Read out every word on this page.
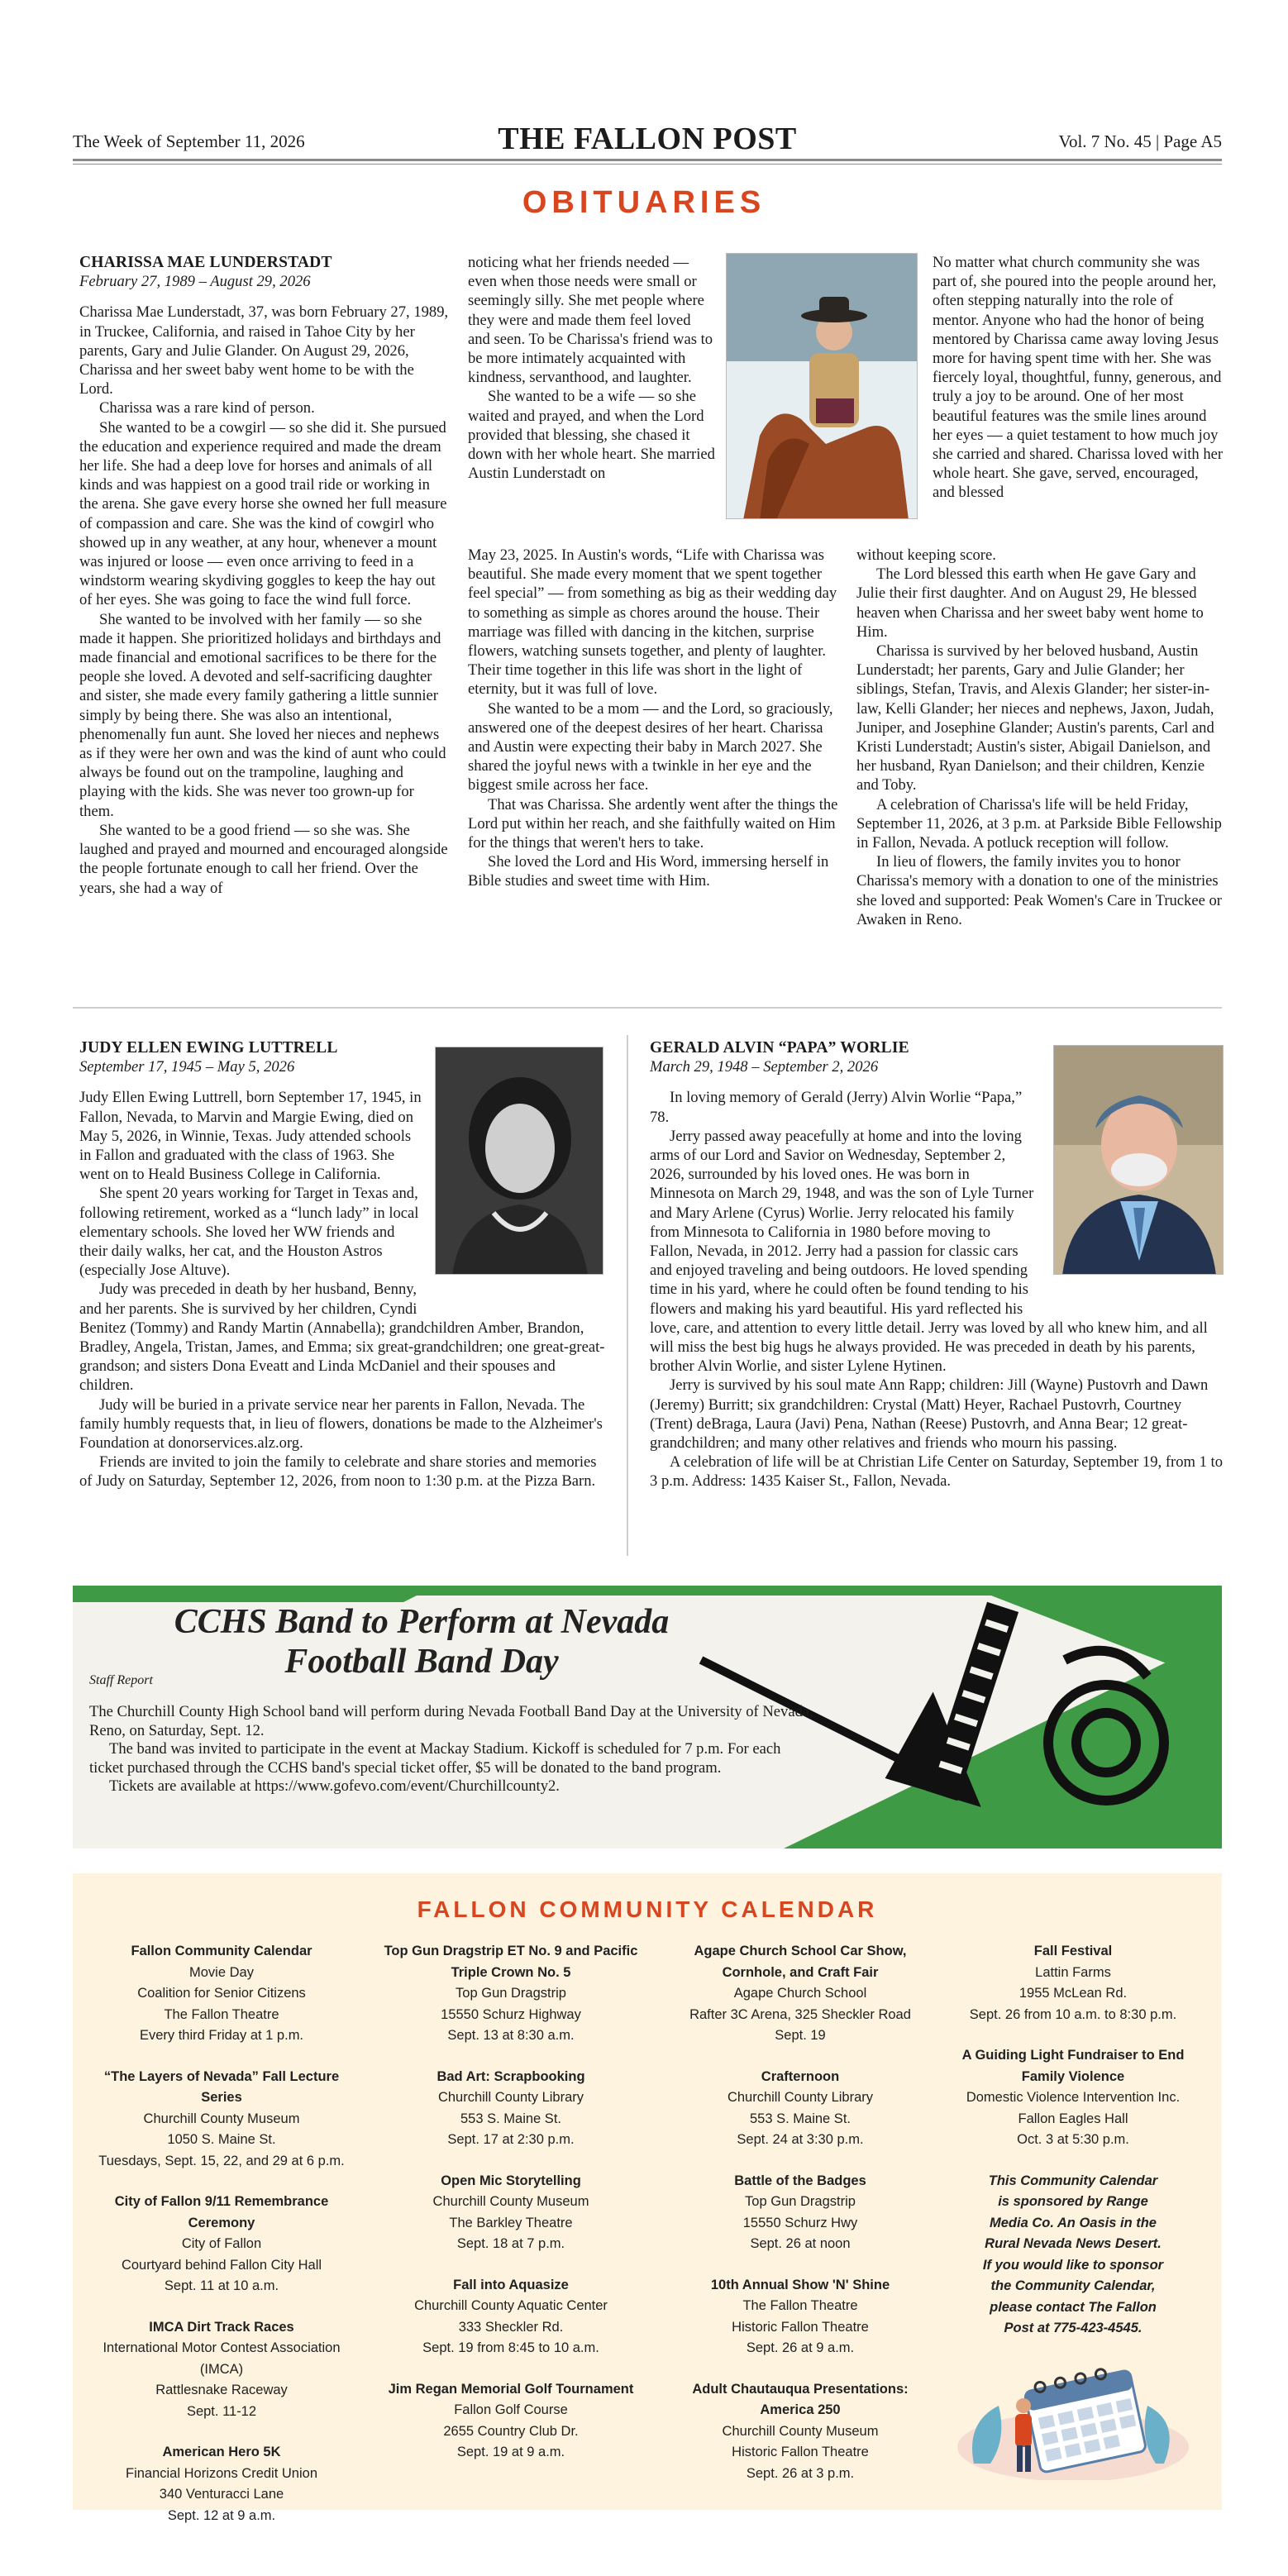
The Week of September 11, 2026	THE FALLON POST	Vol. 7 No. 45 | Page A5
OBITUARIES
CHARISSA MAE LUNDERSTADT
February 27, 1989 – August 29, 2026

Charissa Mae Lunderstadt, 37, was born February 27, 1989, in Truckee, California, and raised in Tahoe City by her parents, Gary and Julie Glander. On August 29, 2026, Charissa and her sweet baby went home to be with the Lord.

Charissa was a rare kind of person.

She wanted to be a cowgirl — so she did it. She pursued the education and experience required and made the dream her life. She had a deep love for horses and animals of all kinds and was happiest on a good trail ride or working in the arena. She gave every horse she owned her full measure of compassion and care. She was the kind of cowgirl who showed up in any weather, at any hour, whenever a mount was injured or loose — even once arriving to feed in a windstorm wearing skydiving goggles to keep the hay out of her eyes. She was going to face the wind full force.

She wanted to be involved with her family — so she made it happen. She prioritized holidays and birthdays and made financial and emotional sacrifices to be there for the people she loved. A devoted and self-sacrificing daughter and sister, she made every family gathering a little sunnier simply by being there. She was also an intentional, phenomenally fun aunt. She loved her nieces and nephews as if they were her own and was the kind of aunt who could always be found out on the trampoline, laughing and playing with the kids. She was never too grown-up for them.

She wanted to be a good friend — so she was. She laughed and prayed and mourned and encouraged alongside the people fortunate enough to call her friend. Over the years, she had a way of

noticing what her friends needed — even when those needs were small or seemingly silly. She met people where they were and made them feel loved and seen. To be Charissa's friend was to be more intimately acquainted with kindness, servanthood, and laughter.

She wanted to be a wife — so she waited and prayed, and when the Lord provided that blessing, she chased it down with her whole heart. She married Austin Lunderstadt on

May 23, 2025. In Austin's words, “Life with Charissa was beautiful. She made every moment that we spent together feel special” — from something as big as their wedding day to something as simple as chores around the house. Their marriage was filled with dancing in the kitchen, surprise flowers, watching sunsets together, and plenty of laughter. Their time together in this life was short in the light of eternity, but it was full of love.

She wanted to be a mom — and the Lord, so graciously, answered one of the deepest desires of her heart. Charissa and Austin were expecting their baby in March 2027. She shared the joyful news with a twinkle in her eye and the biggest smile across her face.

That was Charissa. She ardently went after the things the Lord put within her reach, and she faithfully waited on Him for the things that weren't hers to take.

She loved the Lord and His Word, immersing herself in Bible studies and sweet time with Him.

No matter what church community she was part of, she poured into the people around her, often stepping naturally into the role of mentor. Anyone who had the honor of being mentored by Charissa came away loving Jesus more for having spent time with her. She was fiercely loyal, thoughtful, funny, generous, and truly a joy to be around. One of her most beautiful features was the smile lines around her eyes — a quiet testament to how much joy she carried and shared. Charissa loved with her whole heart. She gave, served, encouraged, and blessed

without keeping score.

The Lord blessed this earth when He gave Gary and Julie their first daughter. And on August 29, He blessed heaven when Charissa and her sweet baby went home to Him.

Charissa is survived by her beloved husband, Austin Lunderstadt; her parents, Gary and Julie Glander; her siblings, Stefan, Travis, and Alexis Glander; her sister-in-law, Kelli Glander; her nieces and nephews, Jaxon, Judah, Juniper, and Josephine Glander; Austin's parents, Carl and Kristi Lunderstadt; Austin's sister, Abigail Danielson, and her husband, Ryan Danielson; and their children, Kenzie and Toby.

A celebration of Charissa's life will be held Friday, September 11, 2026, at 3 p.m. at Parkside Bible Fellowship in Fallon, Nevada. A potluck reception will follow.

In lieu of flowers, the family invites you to honor Charissa's memory with a donation to one of the ministries she loved and supported: Peak Women's Care in Truckee or Awaken in Reno.

JUDY ELLEN EWING LUTTRELL
September 17, 1945 – May 5, 2026

Judy Ellen Ewing Luttrell, born September 17, 1945, in Fallon, Nevada, to Marvin and Margie Ewing, died on May 5, 2026, in Winnie, Texas. Judy attended schools in Fallon and graduated with the class of 1963. She went on to Heald Business College in California.

She spent 20 years working for Target in Texas and, following retirement, worked as a “lunch lady” in local elementary schools. She loved her WW friends and their daily walks, her cat, and the Houston Astros (especially Jose Altuve).

Judy was preceded in death by her husband, Benny, and her parents. She is survived by her children, Cyndi Benitez (Tommy) and Randy Martin (Annabella); grandchildren Amber, Brandon, Bradley, Angela, Tristan, James, and Emma; six great-grandchildren; one great-great-grandson; and sisters Dona Eveatt and Linda McDaniel and their spouses and children.

Judy will be buried in a private service near her parents in Fallon, Nevada. The family humbly requests that, in lieu of flowers, donations be made to the Alzheimer's Foundation at donorservices.alz.org.

Friends are invited to join the family to celebrate and share stories and memories of Judy on Saturday, September 12, 2026, from noon to 1:30 p.m. at the Pizza Barn.

GERALD ALVIN “PAPA” WORLIE
March 29, 1948 – September 2, 2026

In loving memory of Gerald (Jerry) Alvin Worlie “Papa,” 78.

Jerry passed away peacefully at home and into the loving arms of our Lord and Savior on Wednesday, September 2, 2026, surrounded by his loved ones. He was born in Minnesota on March 29, 1948, and was the son of Lyle Turner and Mary Arlene (Cyrus) Worlie. Jerry relocated his family from Minnesota to California in 1980 before moving to Fallon, Nevada, in 2012. Jerry had a passion for classic cars and enjoyed traveling and being outdoors. He loved spending time in his yard, where he could often be found tending to his flowers and making his yard beautiful. His yard reflected his love, care, and attention to every little detail. Jerry was loved by all who knew him, and all will miss the best big hugs he always provided. He was preceded in death by his parents, brother Alvin Worlie, and sister Lylene Hytinen.

Jerry is survived by his soul mate Ann Rapp; children: Jill (Wayne) Pustovrh and Dawn (Jeremy) Burritt; six grandchildren: Crystal (Matt) Heyer, Rachael Pustovrh, Courtney (Trent) deBraga, Laura (Javi) Pena, Nathan (Reese) Pustovrh, and Anna Bear; 12 great-grandchildren; and many other relatives and friends who mourn his passing.

A celebration of life will be at Christian Life Center on Saturday, September 19, from 1 to 3 p.m. Address: 1435 Kaiser St., Fallon, Nevada.

CCHS Band to Perform at Nevada Football Band Day
Staff Report

The Churchill County High School band will perform during Nevada Football Band Day at the University of Nevada, Reno, on Saturday, Sept. 12.

The band was invited to participate in the event at Mackay Stadium. Kickoff is scheduled for 7 p.m. For each ticket purchased through the CCHS band's special ticket offer, $5 will be donated to the band program.

Tickets are available at https://www.gofevo.com/event/Churchillcounty2.

FALLON COMMUNITY CALENDAR
Fallon Community Calendar
Movie Day
Coalition for Senior Citizens
The Fallon Theatre
Every third Friday at 1 p.m.
“The Layers of Nevada” Fall Lecture Series
Churchill County Museum
1050 S. Maine St.
Tuesdays, Sept. 15, 22, and 29 at 6 p.m.
City of Fallon 9/11 Remembrance Ceremony
City of Fallon
Courtyard behind Fallon City Hall
Sept. 11 at 10 a.m.
IMCA Dirt Track Races
International Motor Contest Association (IMCA)
Rattlesnake Raceway
Sept. 11-12
American Hero 5K
Financial Horizons Credit Union
340 Venturacci Lane
Sept. 12 at 9 a.m.
Top Gun Dragstrip ET No. 9 and Pacific Triple Crown No. 5
Top Gun Dragstrip
15550 Schurz Highway
Sept. 13 at 8:30 a.m.
Bad Art: Scrapbooking
Churchill County Library
553 S. Maine St.
Sept. 17 at 2:30 p.m.
Open Mic Storytelling
Churchill County Museum
The Barkley Theatre
Sept. 18 at 7 p.m.
Fall into Aquasize
Churchill County Aquatic Center
333 Sheckler Rd.
Sept. 19 from 8:45 to 10 a.m.
Jim Regan Memorial Golf Tournament
Fallon Golf Course
2655 Country Club Dr.
Sept. 19 at 9 a.m.
Agape Church School Car Show, Cornhole, and Craft Fair
Agape Church School
Rafter 3C Arena, 325 Sheckler Road
Sept. 19
Crafternoon
Churchill County Library
553 S. Maine St.
Sept. 24 at 3:30 p.m.
Battle of the Badges
Top Gun Dragstrip
15550 Schurz Hwy
Sept. 26 at noon
10th Annual Show 'N' Shine
The Fallon Theatre
Historic Fallon Theatre
Sept. 26 at 9 a.m.
Adult Chautauqua Presentations: America 250
Churchill County Museum
Historic Fallon Theatre
Sept. 26 at 3 p.m.
Fall Festival
Lattin Farms
1955 McLean Rd.
Sept. 26 from 10 a.m. to 8:30 p.m.
A Guiding Light Fundraiser to End Family Violence
Domestic Violence Intervention Inc.
Fallon Eagles Hall
Oct. 3 at 5:30 p.m.
This Community Calendar is sponsored by Range Media Co. An Oasis in the Rural Nevada News Desert. If you would like to sponsor the Community Calendar, please contact The Fallon Post at 775-423-4545.
